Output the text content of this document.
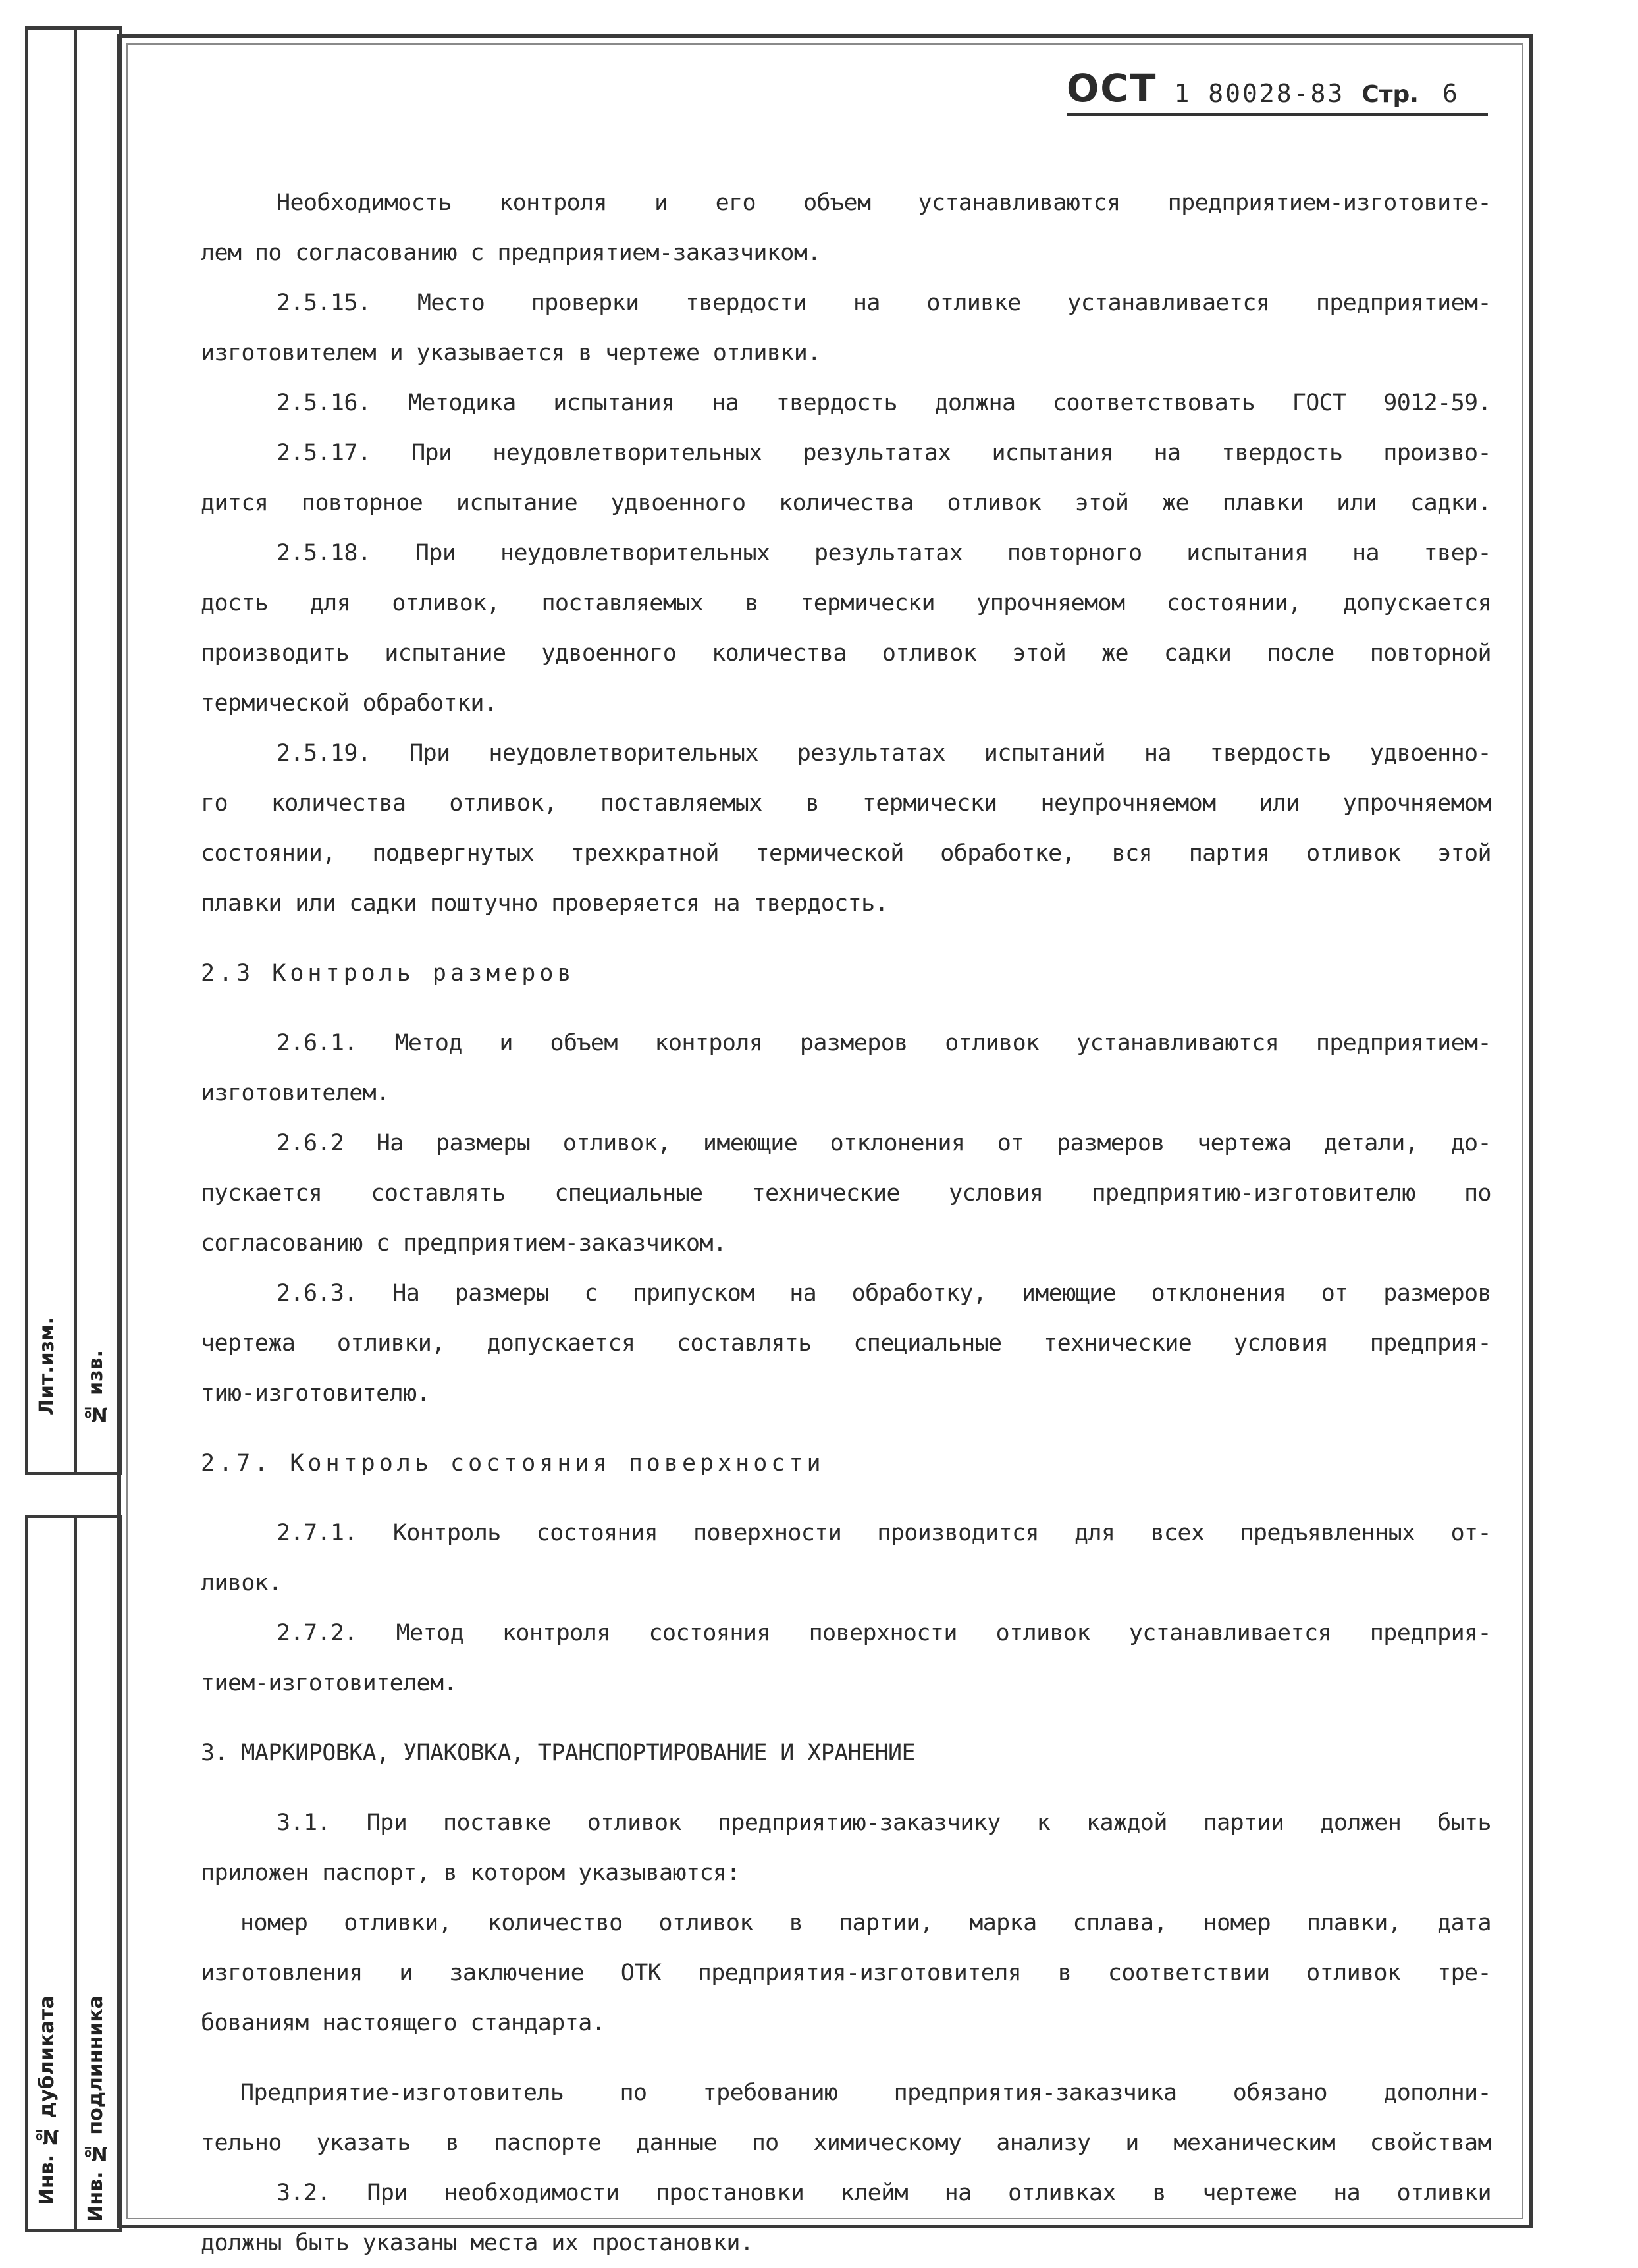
Лит.изм. № изв.
Инв. № дубликата Инв. № подлинника
ОСТ 1 80028-83 Стр. 6
Необходимость контроля и его объем устанавливаются предприятием-изготовите-
лем по согласованию с предприятием-заказчиком.
2.5.15. Место проверки твердости на отливке устанавливается предприятием-
изготовителем и указывается в чертеже отливки.
2.5.16. Методика испытания на твердость должна соответствовать ГОСТ 9012-59.
2.5.17. При неудовлетворительных результатах испытания на твердость произво-
дится повторное испытание удвоенного количества отливок этой же плавки или садки.
2.5.18. При неудовлетворительных результатах повторного испытания на твер-
дость для отливок, поставляемых в термически упрочняемом состоянии, допускается
производить испытание удвоенного количества отливок этой же садки после повторной
термической обработки.
2.5.19. При неудовлетворительных результатах испытаний на твердость удвоенно-
го количества отливок, поставляемых в термически неупрочняемом или упрочняемом
состоянии, подвергнутых трехкратной термической обработке, вся партия отливок этой
плавки или садки поштучно проверяется на твердость.
2.3 Контроль размеров
2.6.1. Метод и объем контроля размеров отливок устанавливаются предприятием-
изготовителем.
2.6.2 На размеры отливок, имеющие отклонения от размеров чертежа детали, до-
пускается составлять специальные технические условия предприятию-изготовителю по
согласованию с предприятием-заказчиком.
2.6.3. На размеры с припуском на обработку, имеющие отклонения от размеров
чертежа отливки, допускается составлять специальные технические условия предприя-
тию-изготовителю.
2.7. Контроль состояния поверхности
2.7.1. Контроль состояния поверхности производится для всех предъявленных от-
ливок.
2.7.2. Метод контроля состояния поверхности отливок устанавливается предприя-
тием-изготовителем.
3. МАРКИРОВКА, УПАКОВКА, ТРАНСПОРТИРОВАНИЕ И ХРАНЕНИЕ
3.1. При поставке отливок предприятию-заказчику к каждой партии должен быть
приложен паспорт, в котором указываются:
номер отливки, количество отливок в партии, марка сплава, номер плавки, дата
изготовления и заключение ОТК предприятия-изготовителя в соответствии отливок тре-
бованиям настоящего стандарта.
Предприятие-изготовитель по требованию предприятия-заказчика обязано дополни-
тельно указать в паспорте данные по химическому анализу и механическим свойствам
3.2. При необходимости простановки клейм на отливках в чертеже на отливки
должны быть указаны места их простановки.
